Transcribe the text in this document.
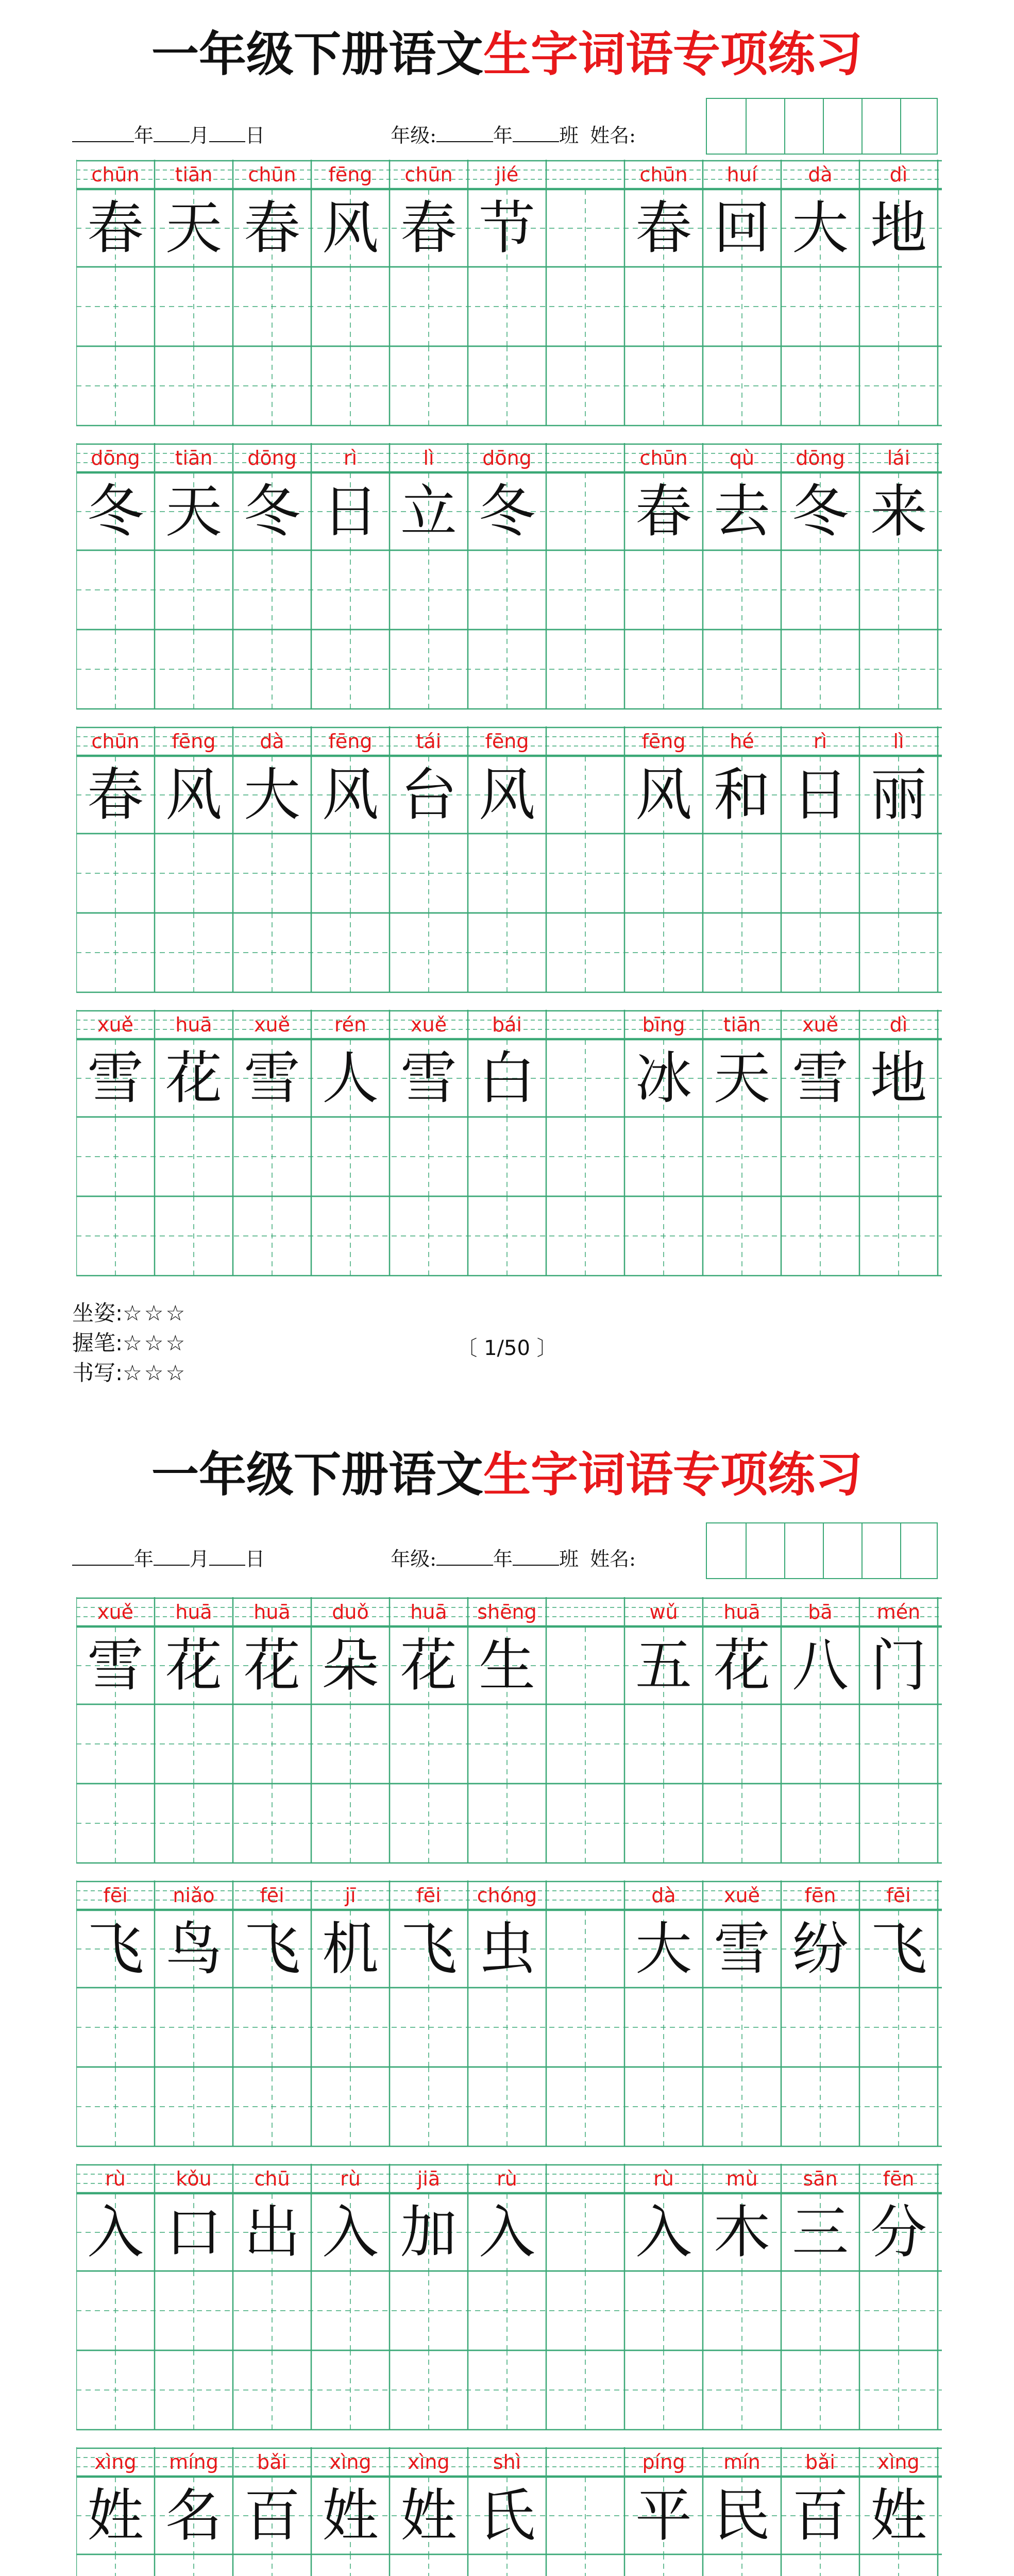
一年级下册语文生字词语专项练习
年 月 日	年级:	年 班 姓名:
chūn	tiān	chūn	fēng	chūn	jié	chūn	huí	dà	dì
春 天 春 风 春 节 春 回 大 地
dōng	tiān	dōng	rì	lì	dōng	chūn	qù	dōng	lái
冬 天 冬 日 立 冬 春 去 冬 来
chūn	fēng	dà	fēng	tái	fēng	fēng	hé	rì	lì
春 风 大 风 台 风 风 和 日 丽
xuě	huā	xuě	rén	xuě	bái	bīng	tiān	xuě	dì
雪 花 雪 人 雪 白 冰 天 雪 地
坐姿:☆☆☆
握笔:☆☆☆
书写:☆☆☆
〔 1/50 〕
一年级下册语文生字词语专项练习
年 月 日	年级:	年 班 姓名:
xuě	huā	huā	duǒ	huā	shēng	wǔ	huā	bā	mén
雪 花 花 朵 花 生 五 花 八 门
fēi	niǎo	fēi	jī	fēi	chóng	dà	xuě	fēn	fēi
飞 鸟 飞 机 飞 虫 大 雪 纷 飞
rù	kǒu	chū	rù	jiā	rù	rù	mù	sān	fēn
入 口 出 入 加 入 入 木 三 分
xìng	míng	bǎi	xìng	xìng	shì	píng	mín	bǎi	xìng
姓 名 百 姓 姓 氏 平 民 百 姓
